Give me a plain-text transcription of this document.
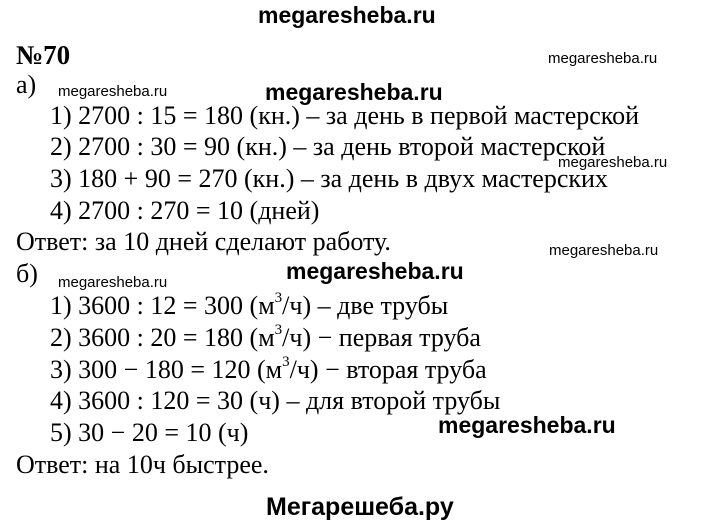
megaresheba.ru
№70	megaresheba.ru
megaresheba.ru	megaresheba.ru
megaresheba.ru
megaresheba.ru
megaresheba.ru	megaresheba.ru
megaresheba.ru
а)
1) 2700 : 15 = 180 (кн.) – за день в первой мастерской
2) 2700 : 30 = 90 (кн.) – за день второй мастерской
3) 180 + 90 = 270 (кн.) – за день в двух мастерских
4) 2700 : 270 = 10 (дней)
Ответ: за 10 дней сделают работу.
б)
1) 3600 : 12 = 300 $(м^3/ч)$ – две трубы
2) 3600 : 20 = 180 $(м^3/ч)$ − первая труба
3) 300 − 180 = 120 $(м^3/ч)$ − вторая труба
4) 3600 : 120 = 30 (ч) – для второй трубы
5) 30 − 20 = 10 (ч)
Ответ: на 10ч быстрее.
Мегарешеба.ру
